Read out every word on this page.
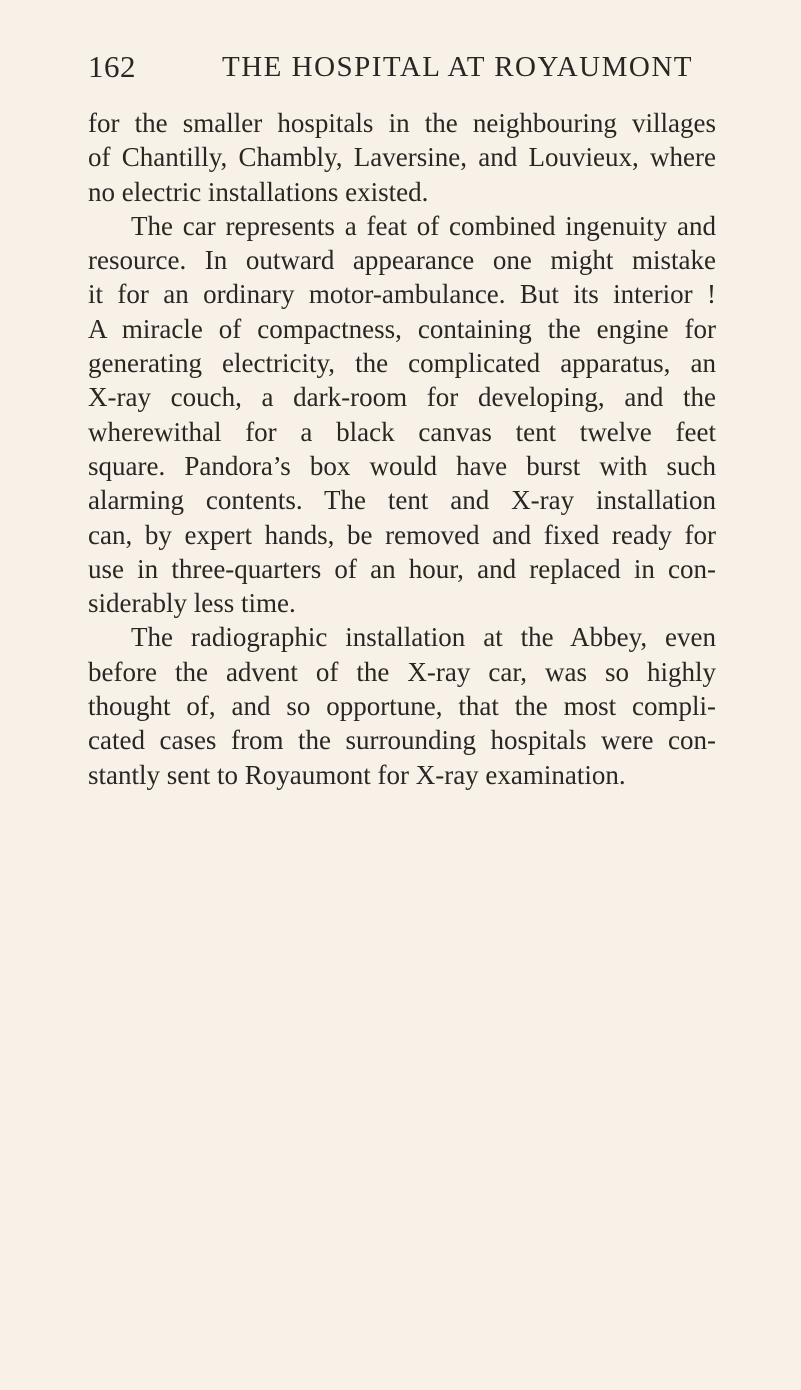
162	THE HOSPITAL AT ROYAUMONT
for the smaller hospitals in the neighbouring villages
of Chantilly, Chambly, Laversine, and Louvieux, where
no electric installations existed.
The car represents a feat of combined ingenuity and
resource. In outward appearance one might mistake
it for an ordinary motor-ambulance. But its interior !
A miracle of compactness, containing the engine for
generating electricity, the complicated apparatus, an
X-ray couch, a dark-room for developing, and the
wherewithal for a black canvas tent twelve feet
square. Pandora’s box would have burst with such
alarming contents. The tent and X-ray installation
can, by expert hands, be removed and fixed ready for
use in three-quarters of an hour, and replaced in con-
siderably less time.
The radiographic installation at the Abbey, even
before the advent of the X-ray car, was so highly
thought of, and so opportune, that the most compli-
cated cases from the surrounding hospitals were con-
stantly sent to Royaumont for X-ray examination.
